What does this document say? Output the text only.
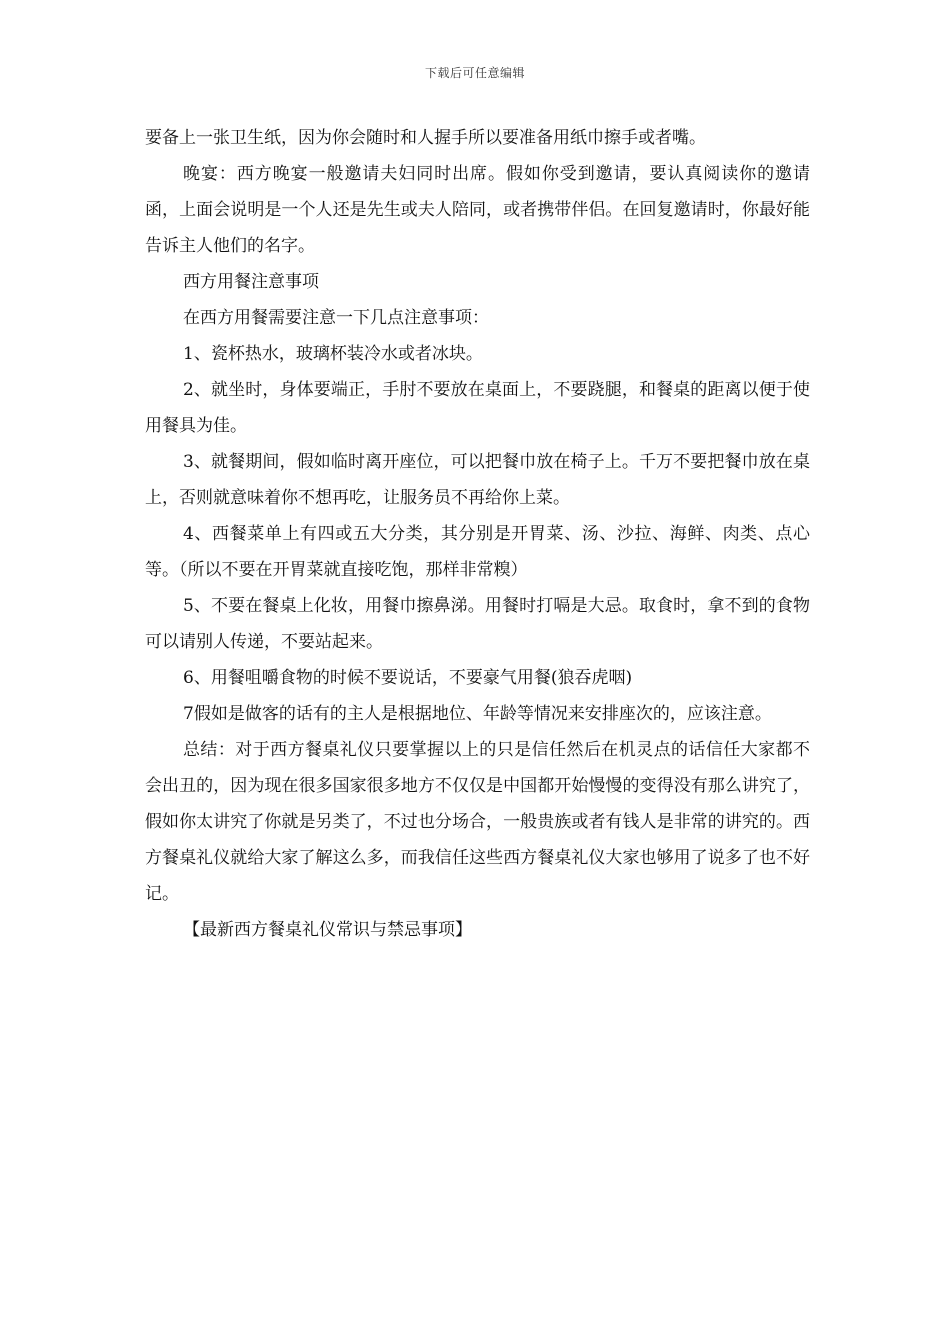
下载后可任意编辑

要备上一张卫生纸，因为你会随时和人握手所以要准备用纸巾擦手或者嘴。

晚宴：西方晚宴一般邀请夫妇同时出席。假如你受到邀请，要认真阅读你的邀请函，上面会说明是一个人还是先生或夫人陪同，或者携带伴侣。在回复邀请时，你最好能告诉主人他们的名字。

西方用餐注意事项

在西方用餐需要注意一下几点注意事项：

1、瓷杯热水，玻璃杯装冷水或者冰块。

2、就坐时，身体要端正，手肘不要放在桌面上，不要跷腿，和餐桌的距离以便于使用餐具为佳。

3、就餐期间，假如临时离开座位，可以把餐巾放在椅子上。千万不要把餐巾放在桌上，否则就意味着你不想再吃，让服务员不再给你上菜。

4、西餐菜单上有四或五大分类，其分别是开胃菜、汤、沙拉、海鲜、肉类、点心等。（所以不要在开胃菜就直接吃饱，那样非常糗）

5、不要在餐桌上化妆，用餐巾擦鼻涕。用餐时打嗝是大忌。取食时，拿不到的食物可以请别人传递，不要站起来。

6、用餐咀嚼食物的时候不要说话，不要豪气用餐(狼吞虎咽)

7假如是做客的话有的主人是根据地位、年龄等情况来安排座次的，应该注意。

总结：对于西方餐桌礼仪只要掌握以上的只是信任然后在机灵点的话信任大家都不会出丑的，因为现在很多国家很多地方不仅仅是中国都开始慢慢的变得没有那么讲究了，假如你太讲究了你就是另类了，不过也分场合，一般贵族或者有钱人是非常的讲究的。西方餐桌礼仪就给大家了解这么多，而我信任这些西方餐桌礼仪大家也够用了说多了也不好记。

【最新西方餐桌礼仪常识与禁忌事项】
